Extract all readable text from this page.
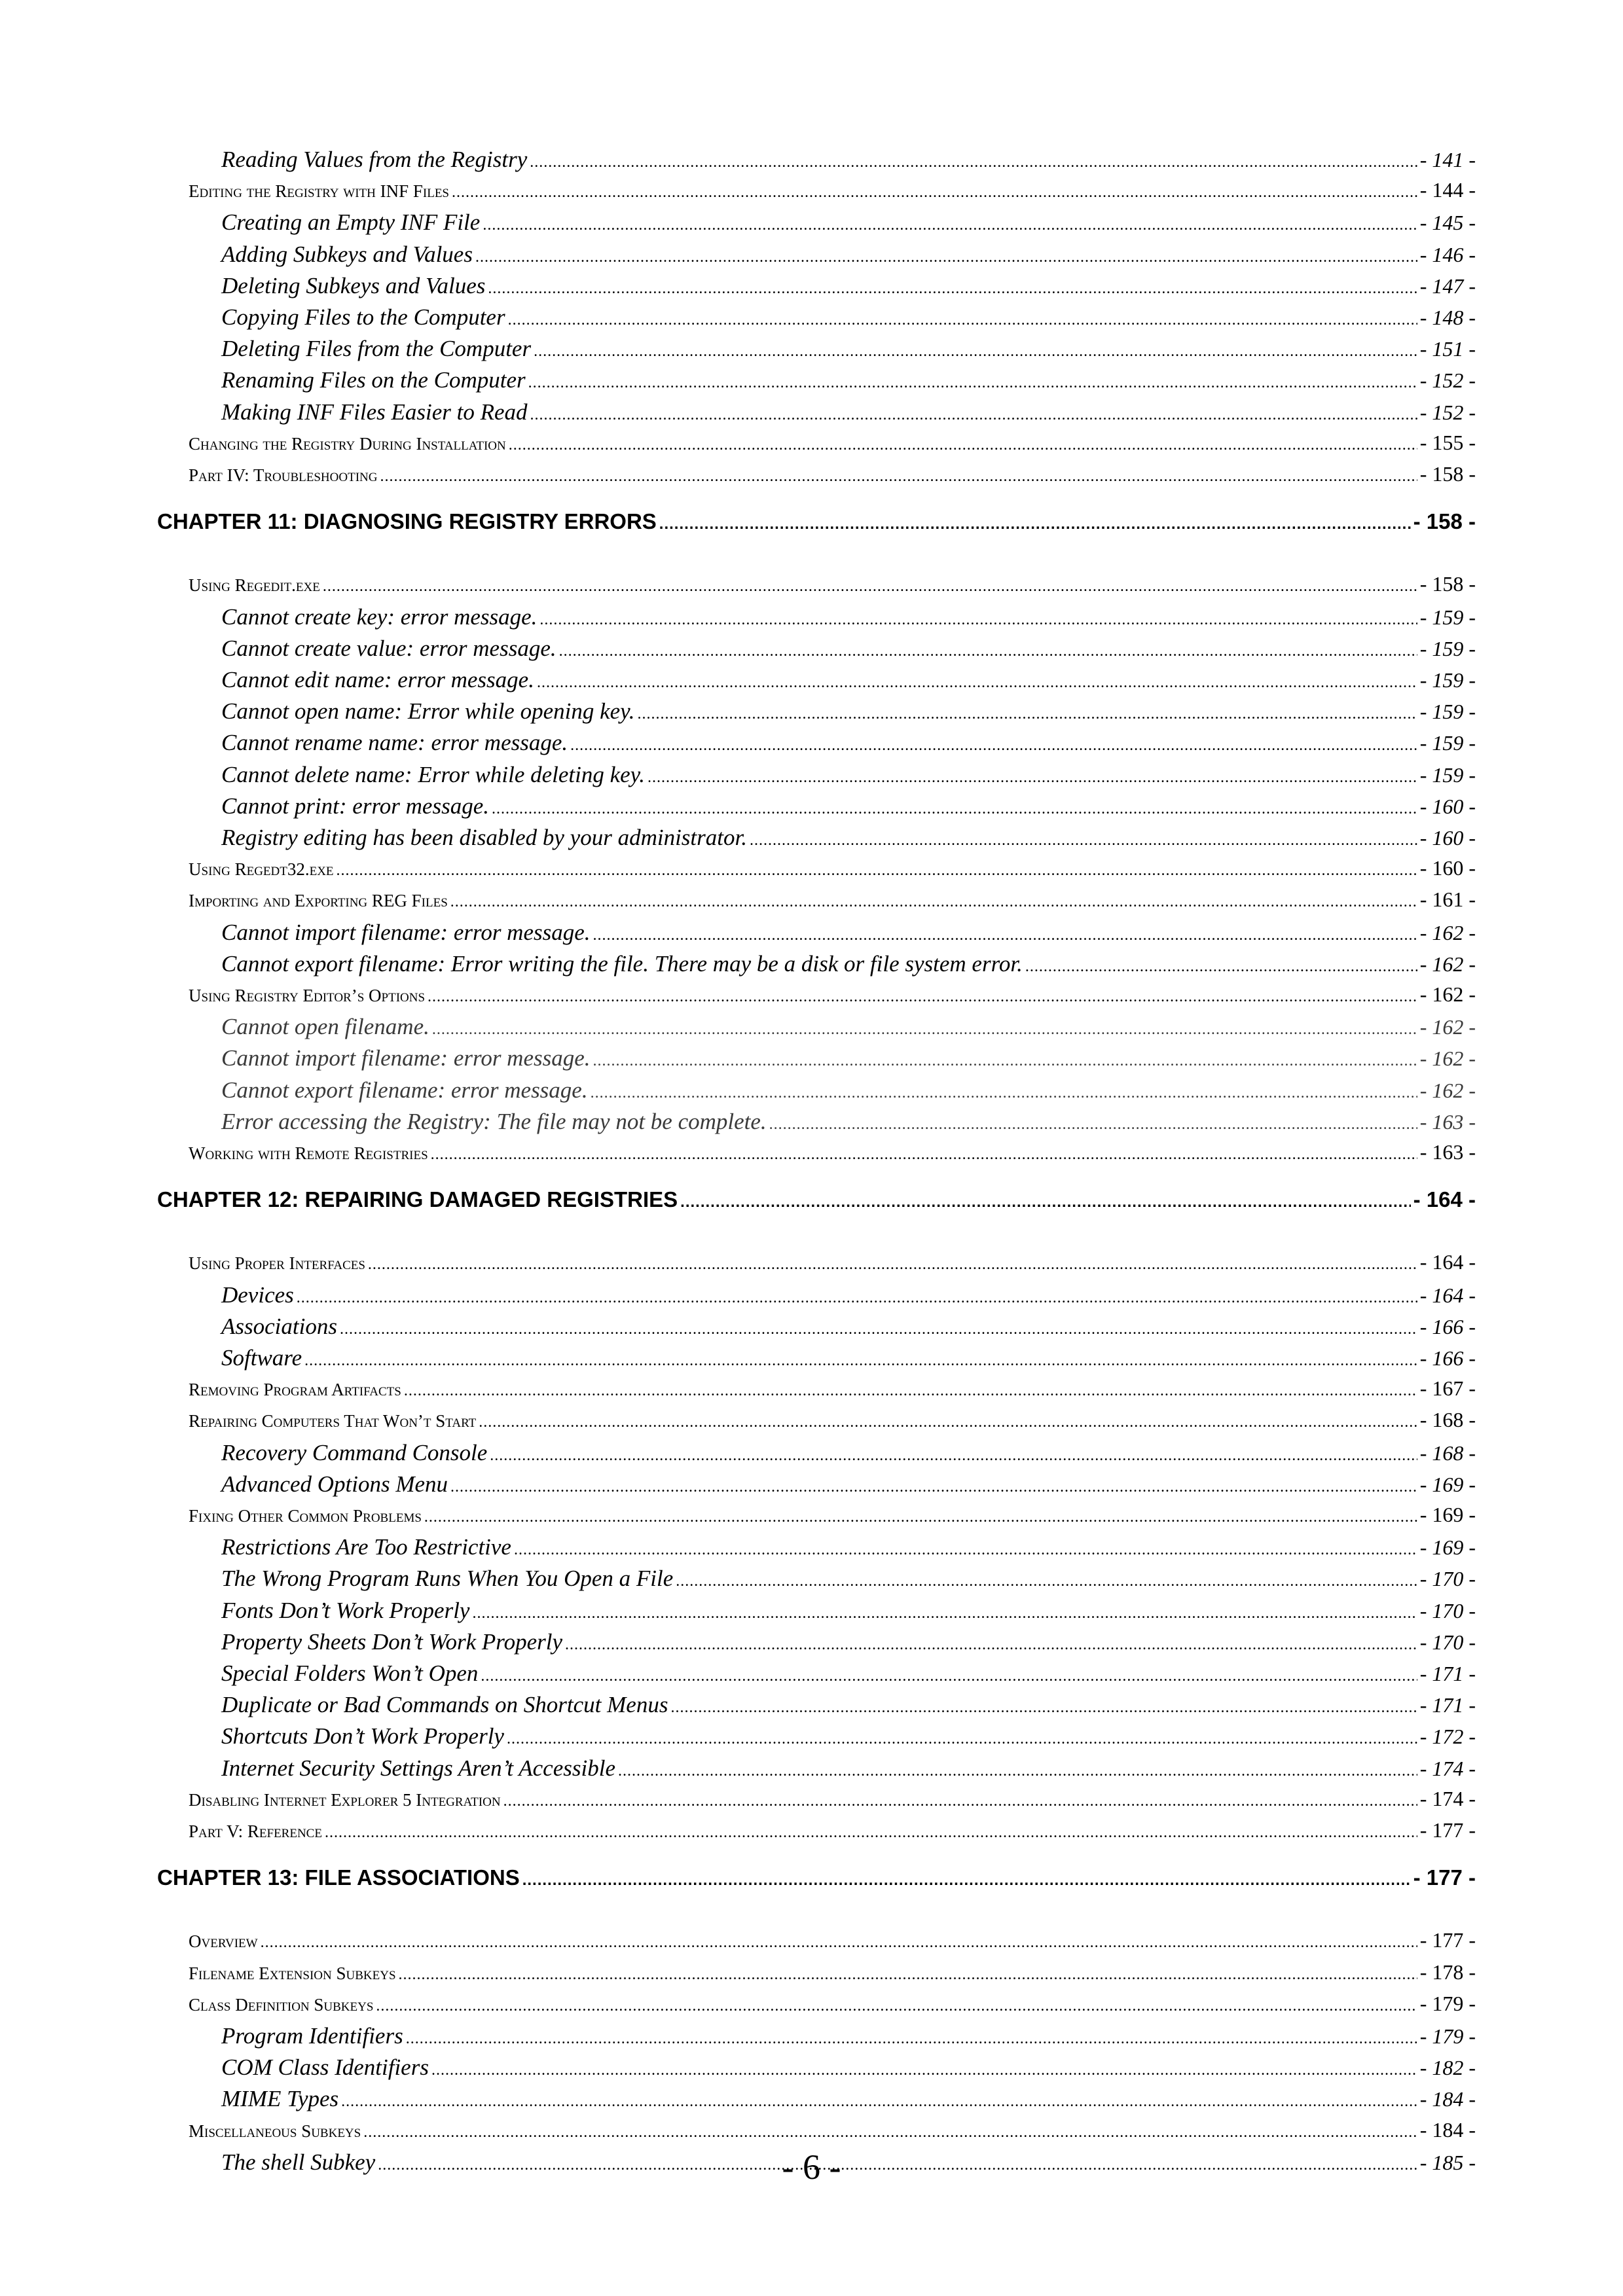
Reading Values from the Registry .....	- 141 -
Editing the Registry with INF Files .....	- 144 -
Creating an Empty INF File .....	- 145 -
Adding Subkeys and Values .....	- 146 -
Deleting Subkeys and Values .....	- 147 -
Copying Files to the Computer .....	- 148 -
Deleting Files from the Computer .....	- 151 -
Renaming Files on the Computer .....	- 152 -
Making INF Files Easier to Read .....	- 152 -
Changing the Registry During Installation .....	- 155 -
Part IV: Troubleshooting .....	- 158 -
CHAPTER 11: DIAGNOSING REGISTRY ERRORS .....	- 158 -
Using Regedit.exe .....	- 158 -
Cannot create key: error message. .....	- 159 -
Cannot create value: error message. .....	- 159 -
Cannot edit name: error message. .....	- 159 -
Cannot open name: Error while opening key. .....	- 159 -
Cannot rename name: error message. .....	- 159 -
Cannot delete name: Error while deleting key. .....	- 159 -
Cannot print: error message. .....	- 160 -
Registry editing has been disabled by your administrator. .....	- 160 -
Using Regedt32.exe .....	- 160 -
Importing and Exporting REG Files .....	- 161 -
Cannot import filename: error message. .....	- 162 -
Cannot export filename: Error writing the file. There may be a disk or file system error. .....	- 162 -
Using Registry Editor’s Options .....	- 162 -
Cannot open filename. .....	- 162 -
Cannot import filename: error message. .....	- 162 -
Cannot export filename: error message. .....	- 162 -
Error accessing the Registry: The file may not be complete. .....	- 163 -
Working with Remote Registries .....	- 163 -
CHAPTER 12: REPAIRING DAMAGED REGISTRIES .....	- 164 -
Using Proper Interfaces .....	- 164 -
Devices .....	- 164 -
Associations .....	- 166 -
Software .....	- 166 -
Removing Program Artifacts .....	- 167 -
Repairing Computers That Won’t Start .....	- 168 -
Recovery Command Console .....	- 168 -
Advanced Options Menu .....	- 169 -
Fixing Other Common Problems .....	- 169 -
Restrictions Are Too Restrictive .....	- 169 -
The Wrong Program Runs When You Open a File .....	- 170 -
Fonts Don’t Work Properly .....	- 170 -
Property Sheets Don’t Work Properly .....	- 170 -
Special Folders Won’t Open .....	- 171 -
Duplicate or Bad Commands on Shortcut Menus .....	- 171 -
Shortcuts Don’t Work Properly .....	- 172 -
Internet Security Settings Aren’t Accessible .....	- 174 -
Disabling Internet Explorer 5 Integration .....	- 174 -
Part V: Reference .....	- 177 -
CHAPTER 13: FILE ASSOCIATIONS .....	- 177 -
Overview .....	- 177 -
Filename Extension Subkeys .....	- 178 -
Class Definition Subkeys .....	- 179 -
Program Identifiers .....	- 179 -
COM Class Identifiers .....	- 182 -
MIME Types .....	- 184 -
Miscellaneous Subkeys .....	- 184 -
The shell Subkey .....	- 185 -
- 6 -
